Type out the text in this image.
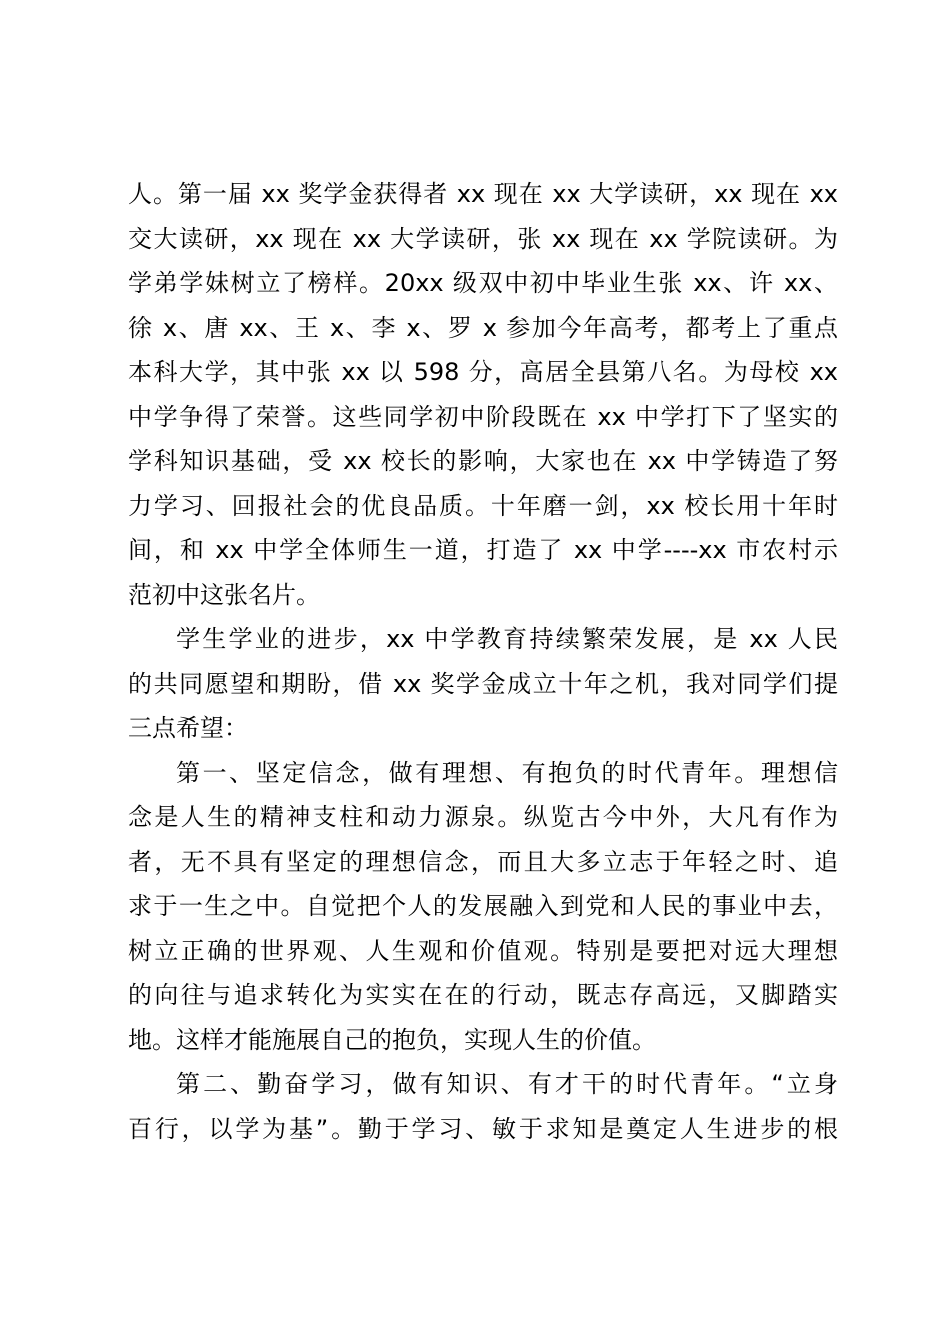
人。第一届 xx 奖学金获得者 xx 现在 xx 大学读研，xx 现在 xx
交大读研，xx 现在 xx 大学读研，张 xx 现在 xx 学院读研。为
学弟学妹树立了榜样。20xx 级双中初中毕业生张 xx、许 xx、
徐 x、唐 xx、王 x、李 x、罗 x 参加今年高考，都考上了重点
本科大学，其中张 xx 以 598 分，高居全县第八名。为母校 xx
中学争得了荣誉。这些同学初中阶段既在 xx 中学打下了坚实的
学科知识基础，受 xx 校长的影响，大家也在 xx 中学铸造了努
力学习、回报社会的优良品质。十年磨一剑，xx 校长用十年时
间，和 xx 中学全体师生一道，打造了 xx 中学----xx 市农村示
范初中这张名片。
学生学业的进步，xx 中学教育持续繁荣发展，是 xx 人民
的共同愿望和期盼，借 xx 奖学金成立十年之机，我对同学们提
三点希望：
第一、坚定信念，做有理想、有抱负的时代青年。理想信
念是人生的精神支柱和动力源泉。纵览古今中外，大凡有作为
者，无不具有坚定的理想信念，而且大多立志于年轻之时、追
求于一生之中。自觉把个人的发展融入到党和人民的事业中去，
树立正确的世界观、人生观和价值观。特别是要把对远大理想
的向往与追求转化为实实在在的行动，既志存高远，又脚踏实
地。这样才能施展自己的抱负，实现人生的价值。
第二、勤奋学习，做有知识、有才干的时代青年。“立身
百行，以学为基”。勤于学习、敏于求知是奠定人生进步的根
